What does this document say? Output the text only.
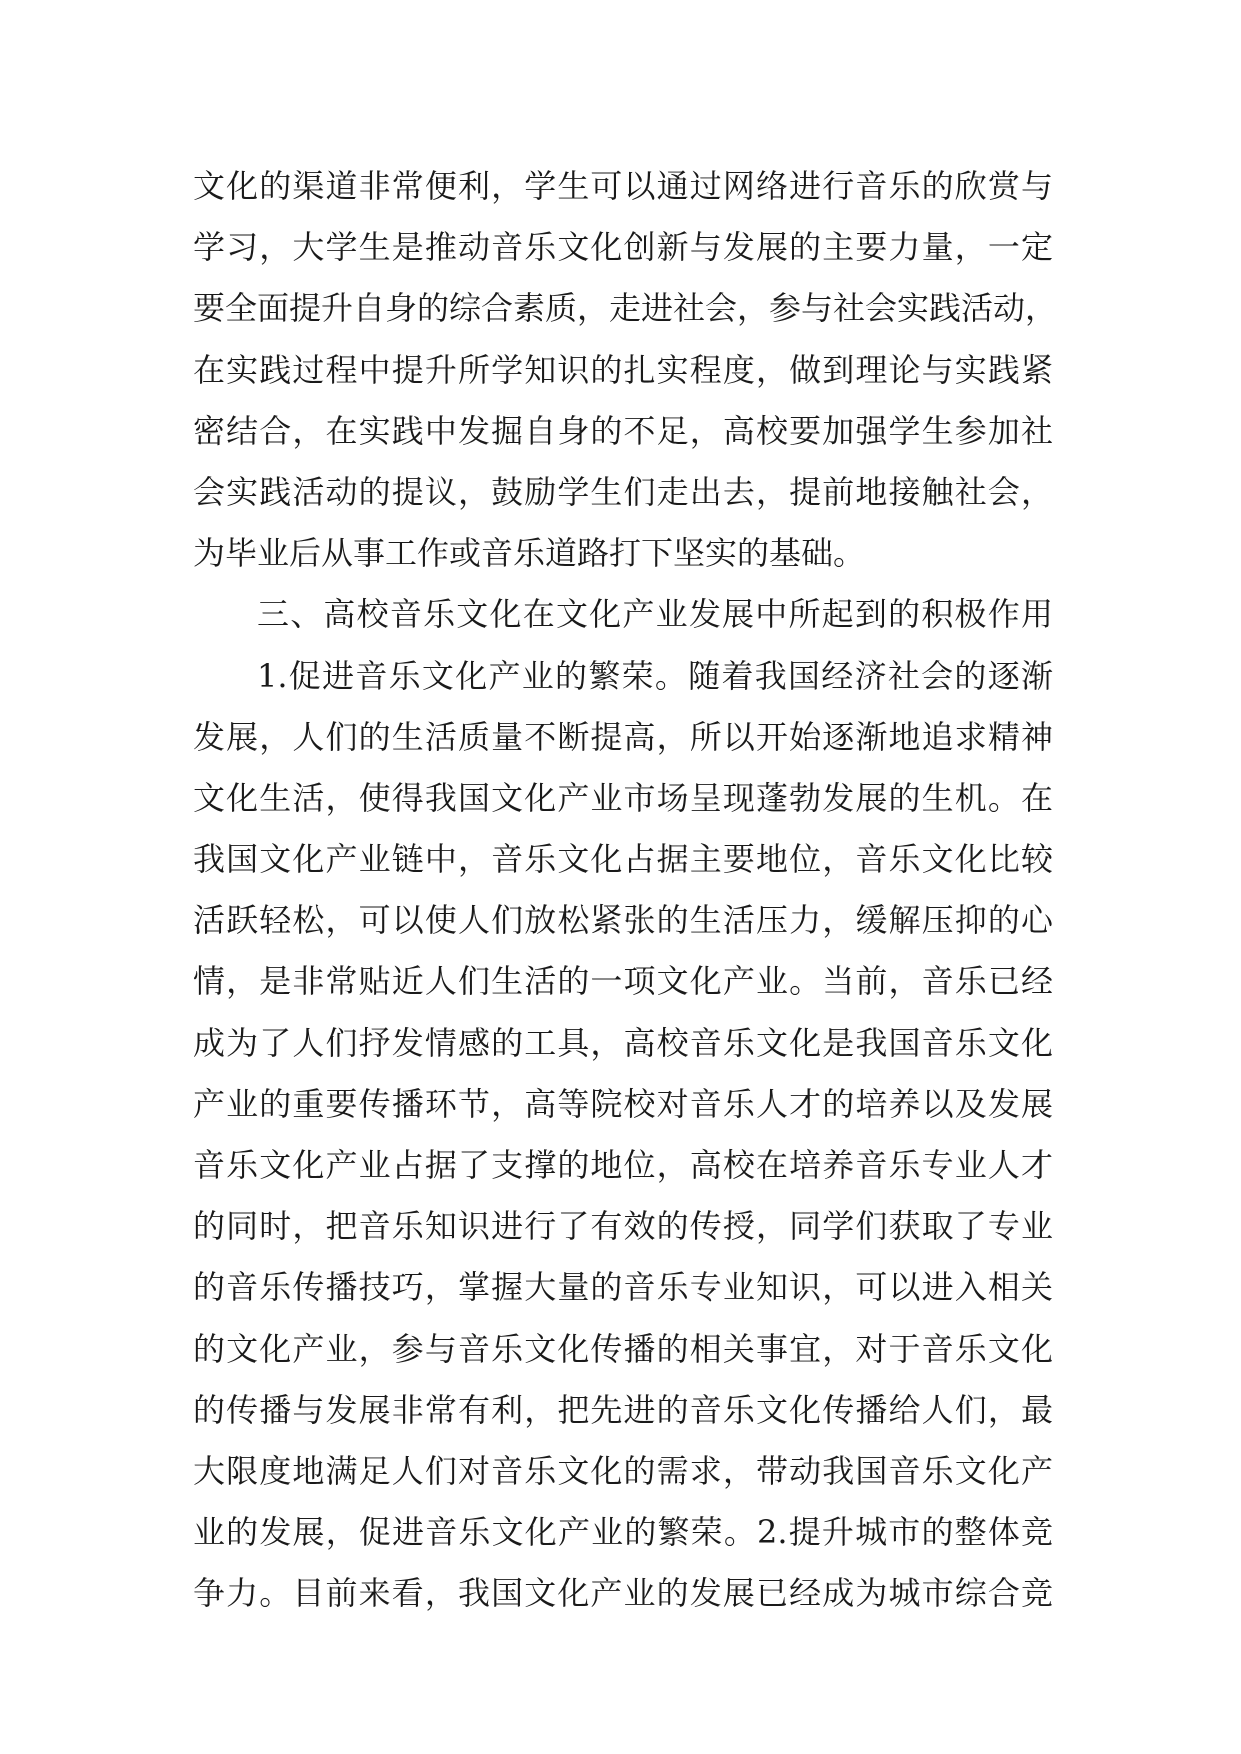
文化的渠道非常便利，学生可以通过网络进行音乐的欣赏与
学习，大学生是推动音乐文化创新与发展的主要力量，一定
要全面提升自身的综合素质，走进社会，参与社会实践活动，
在实践过程中提升所学知识的扎实程度，做到理论与实践紧
密结合，在实践中发掘自身的不足，高校要加强学生参加社
会实践活动的提议，鼓励学生们走出去，提前地接触社会，
为毕业后从事工作或音乐道路打下坚实的基础。
三、高校音乐文化在文化产业发展中所起到的积极作用
1.促进音乐文化产业的繁荣。随着我国经济社会的逐渐
发展，人们的生活质量不断提高，所以开始逐渐地追求精神
文化生活，使得我国文化产业市场呈现蓬勃发展的生机。在
我国文化产业链中，音乐文化占据主要地位，音乐文化比较
活跃轻松，可以使人们放松紧张的生活压力，缓解压抑的心
情，是非常贴近人们生活的一项文化产业。当前，音乐已经
成为了人们抒发情感的工具，高校音乐文化是我国音乐文化
产业的重要传播环节，高等院校对音乐人才的培养以及发展
音乐文化产业占据了支撑的地位，高校在培养音乐专业人才
的同时，把音乐知识进行了有效的传授，同学们获取了专业
的音乐传播技巧，掌握大量的音乐专业知识，可以进入相关
的文化产业，参与音乐文化传播的相关事宜，对于音乐文化
的传播与发展非常有利，把先进的音乐文化传播给人们，最
大限度地满足人们对音乐文化的需求，带动我国音乐文化产
业的发展，促进音乐文化产业的繁荣。2.提升城市的整体竞
争力。目前来看，我国文化产业的发展已经成为城市综合竞
